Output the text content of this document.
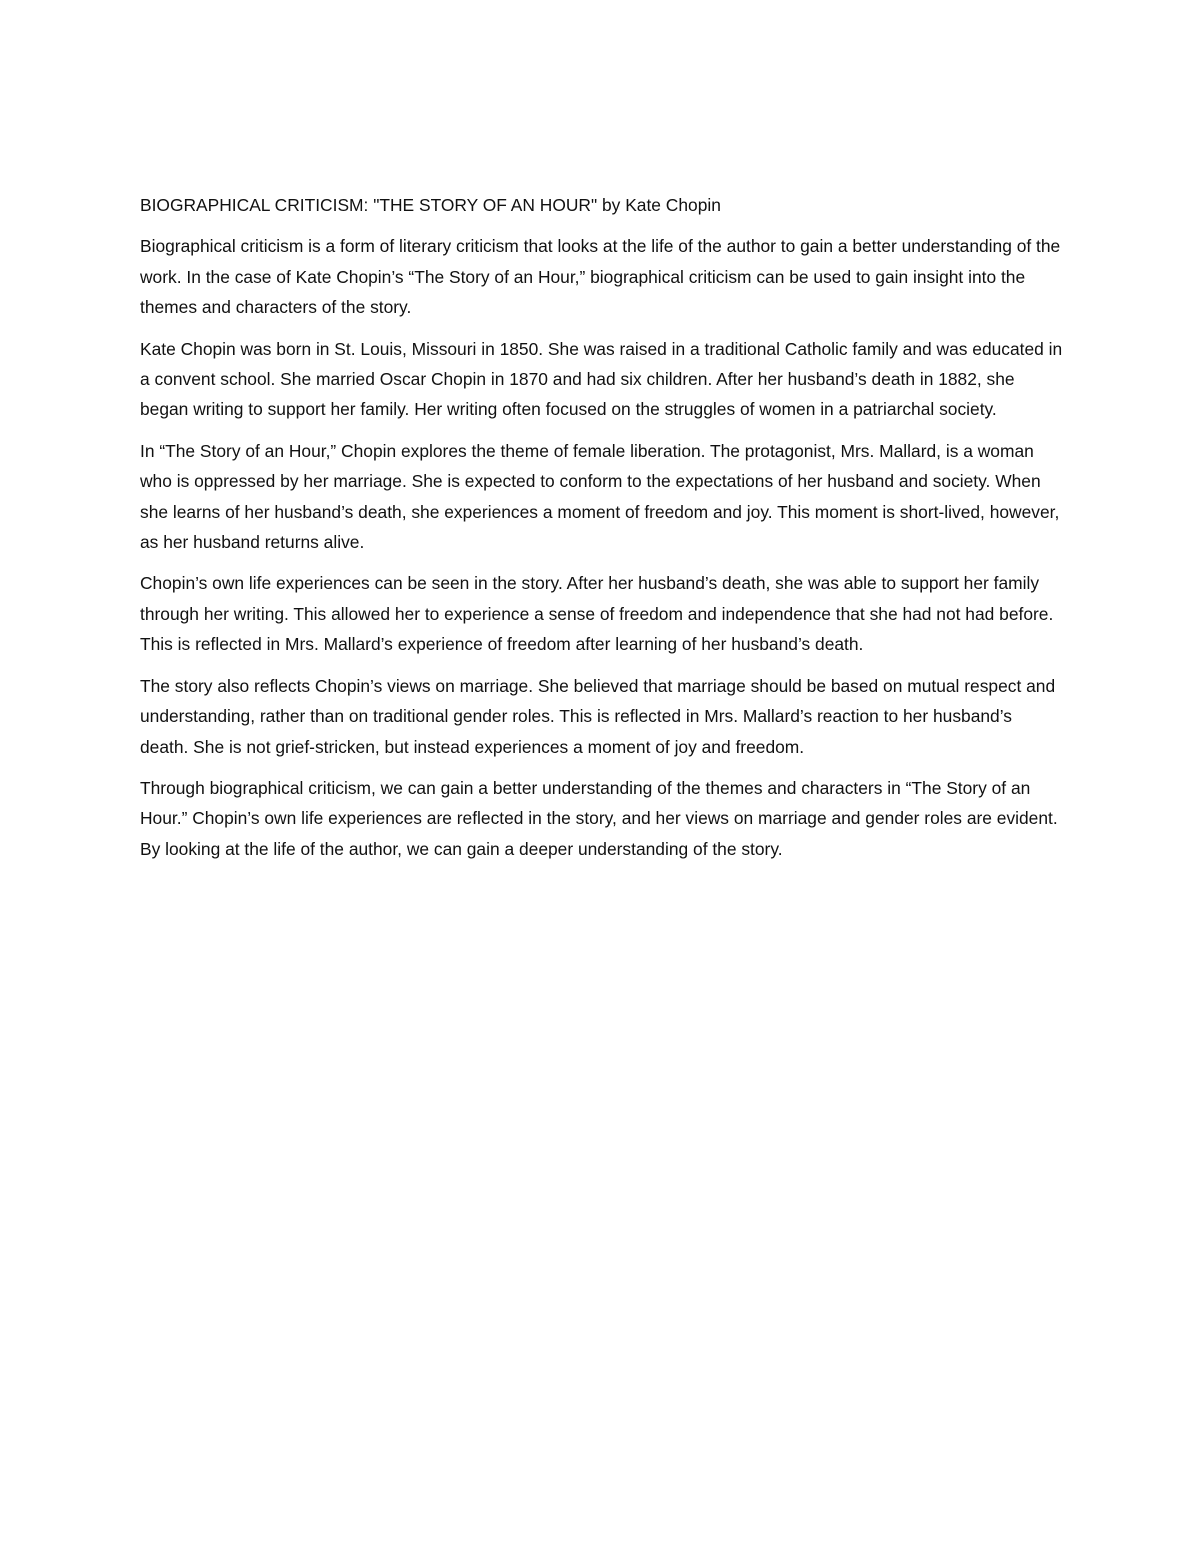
BIOGRAPHICAL CRITICISM: "THE STORY OF AN HOUR" by Kate Chopin

Biographical criticism is a form of literary criticism that looks at the life of the author to gain a better understanding of the work. In the case of Kate Chopin’s “The Story of an Hour,” biographical criticism can be used to gain insight into the themes and characters of the story.

Kate Chopin was born in St. Louis, Missouri in 1850. She was raised in a traditional Catholic family and was educated in a convent school. She married Oscar Chopin in 1870 and had six children. After her husband’s death in 1882, she began writing to support her family. Her writing often focused on the struggles of women in a patriarchal society.

In “The Story of an Hour,” Chopin explores the theme of female liberation. The protagonist, Mrs. Mallard, is a woman who is oppressed by her marriage. She is expected to conform to the expectations of her husband and society. When she learns of her husband’s death, she experiences a moment of freedom and joy. This moment is short-lived, however, as her husband returns alive.

Chopin’s own life experiences can be seen in the story. After her husband’s death, she was able to support her family through her writing. This allowed her to experience a sense of freedom and independence that she had not had before. This is reflected in Mrs. Mallard’s experience of freedom after learning of her husband’s death.

The story also reflects Chopin’s views on marriage. She believed that marriage should be based on mutual respect and understanding, rather than on traditional gender roles. This is reflected in Mrs. Mallard’s reaction to her husband’s death. She is not grief-stricken, but instead experiences a moment of joy and freedom.

Through biographical criticism, we can gain a better understanding of the themes and characters in “The Story of an Hour.” Chopin’s own life experiences are reflected in the story, and her views on marriage and gender roles are evident. By looking at the life of the author, we can gain a deeper understanding of the story.
